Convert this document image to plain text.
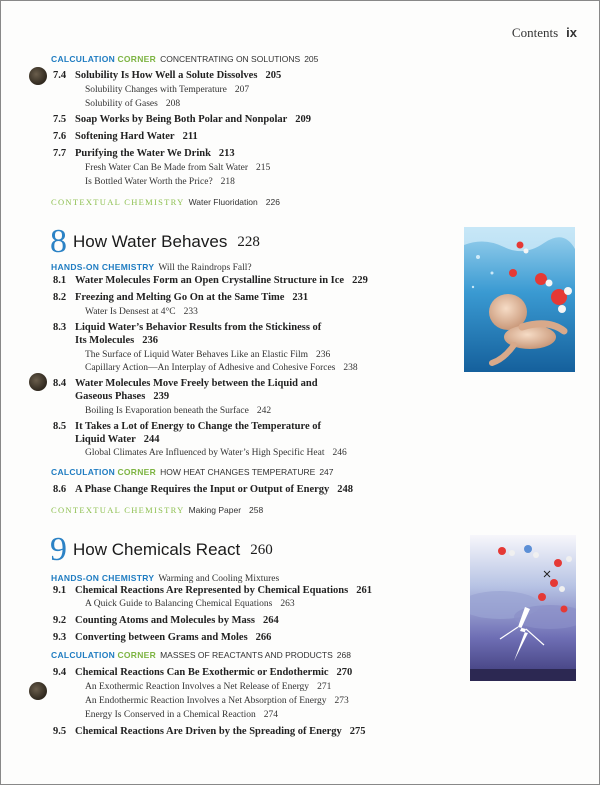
Contents ix
CALCULATION CORNER CONCENTRATING ON SOLUTIONS 205
7.4 Solubility Is How Well a Solute Dissolves 205
Solubility Changes with Temperature 207
Solubility of Gases 208
7.5 Soap Works by Being Both Polar and Nonpolar 209
7.6 Softening Hard Water 211
7.7 Purifying the Water We Drink 213
Fresh Water Can Be Made from Salt Water 215
Is Bottled Water Worth the Price? 218
CONTEXTUAL CHEMISTRY Water Fluoridation 226
8 How Water Behaves 228
HANDS-ON CHEMISTRY Will the Raindrops Fall?
8.1 Water Molecules Form an Open Crystalline Structure in Ice 229
8.2 Freezing and Melting Go On at the Same Time 231
Water Is Densest at 4°C 233
8.3 Liquid Water’s Behavior Results from the Stickiness of
Its Molecules 236
The Surface of Liquid Water Behaves Like an Elastic Film 236
Capillary Action—An Interplay of Adhesive and Cohesive Forces 238
8.4 Water Molecules Move Freely between the Liquid and
Gaseous Phases 239
Boiling Is Evaporation beneath the Surface 242
8.5 It Takes a Lot of Energy to Change the Temperature of
Liquid Water 244
Global Climates Are Influenced by Water’s High Specific Heat 246
CALCULATION CORNER HOW HEAT CHANGES TEMPERATURE 247
8.6 A Phase Change Requires the Input or Output of Energy 248
CONTEXTUAL CHEMISTRY Making Paper 258
9 How Chemicals React 260
HANDS-ON CHEMISTRY Warming and Cooling Mixtures
9.1 Chemical Reactions Are Represented by Chemical Equations 261
A Quick Guide to Balancing Chemical Equations 263
9.2 Counting Atoms and Molecules by Mass 264
9.3 Converting between Grams and Moles 266
CALCULATION CORNER MASSES OF REACTANTS AND PRODUCTS 268
9.4 Chemical Reactions Can Be Exothermic or Endothermic 270
An Exothermic Reaction Involves a Net Release of Energy 271
An Endothermic Reaction Involves a Net Absorption of Energy 273
Energy Is Conserved in a Chemical Reaction 274
9.5 Chemical Reactions Are Driven by the Spreading of Energy 275
